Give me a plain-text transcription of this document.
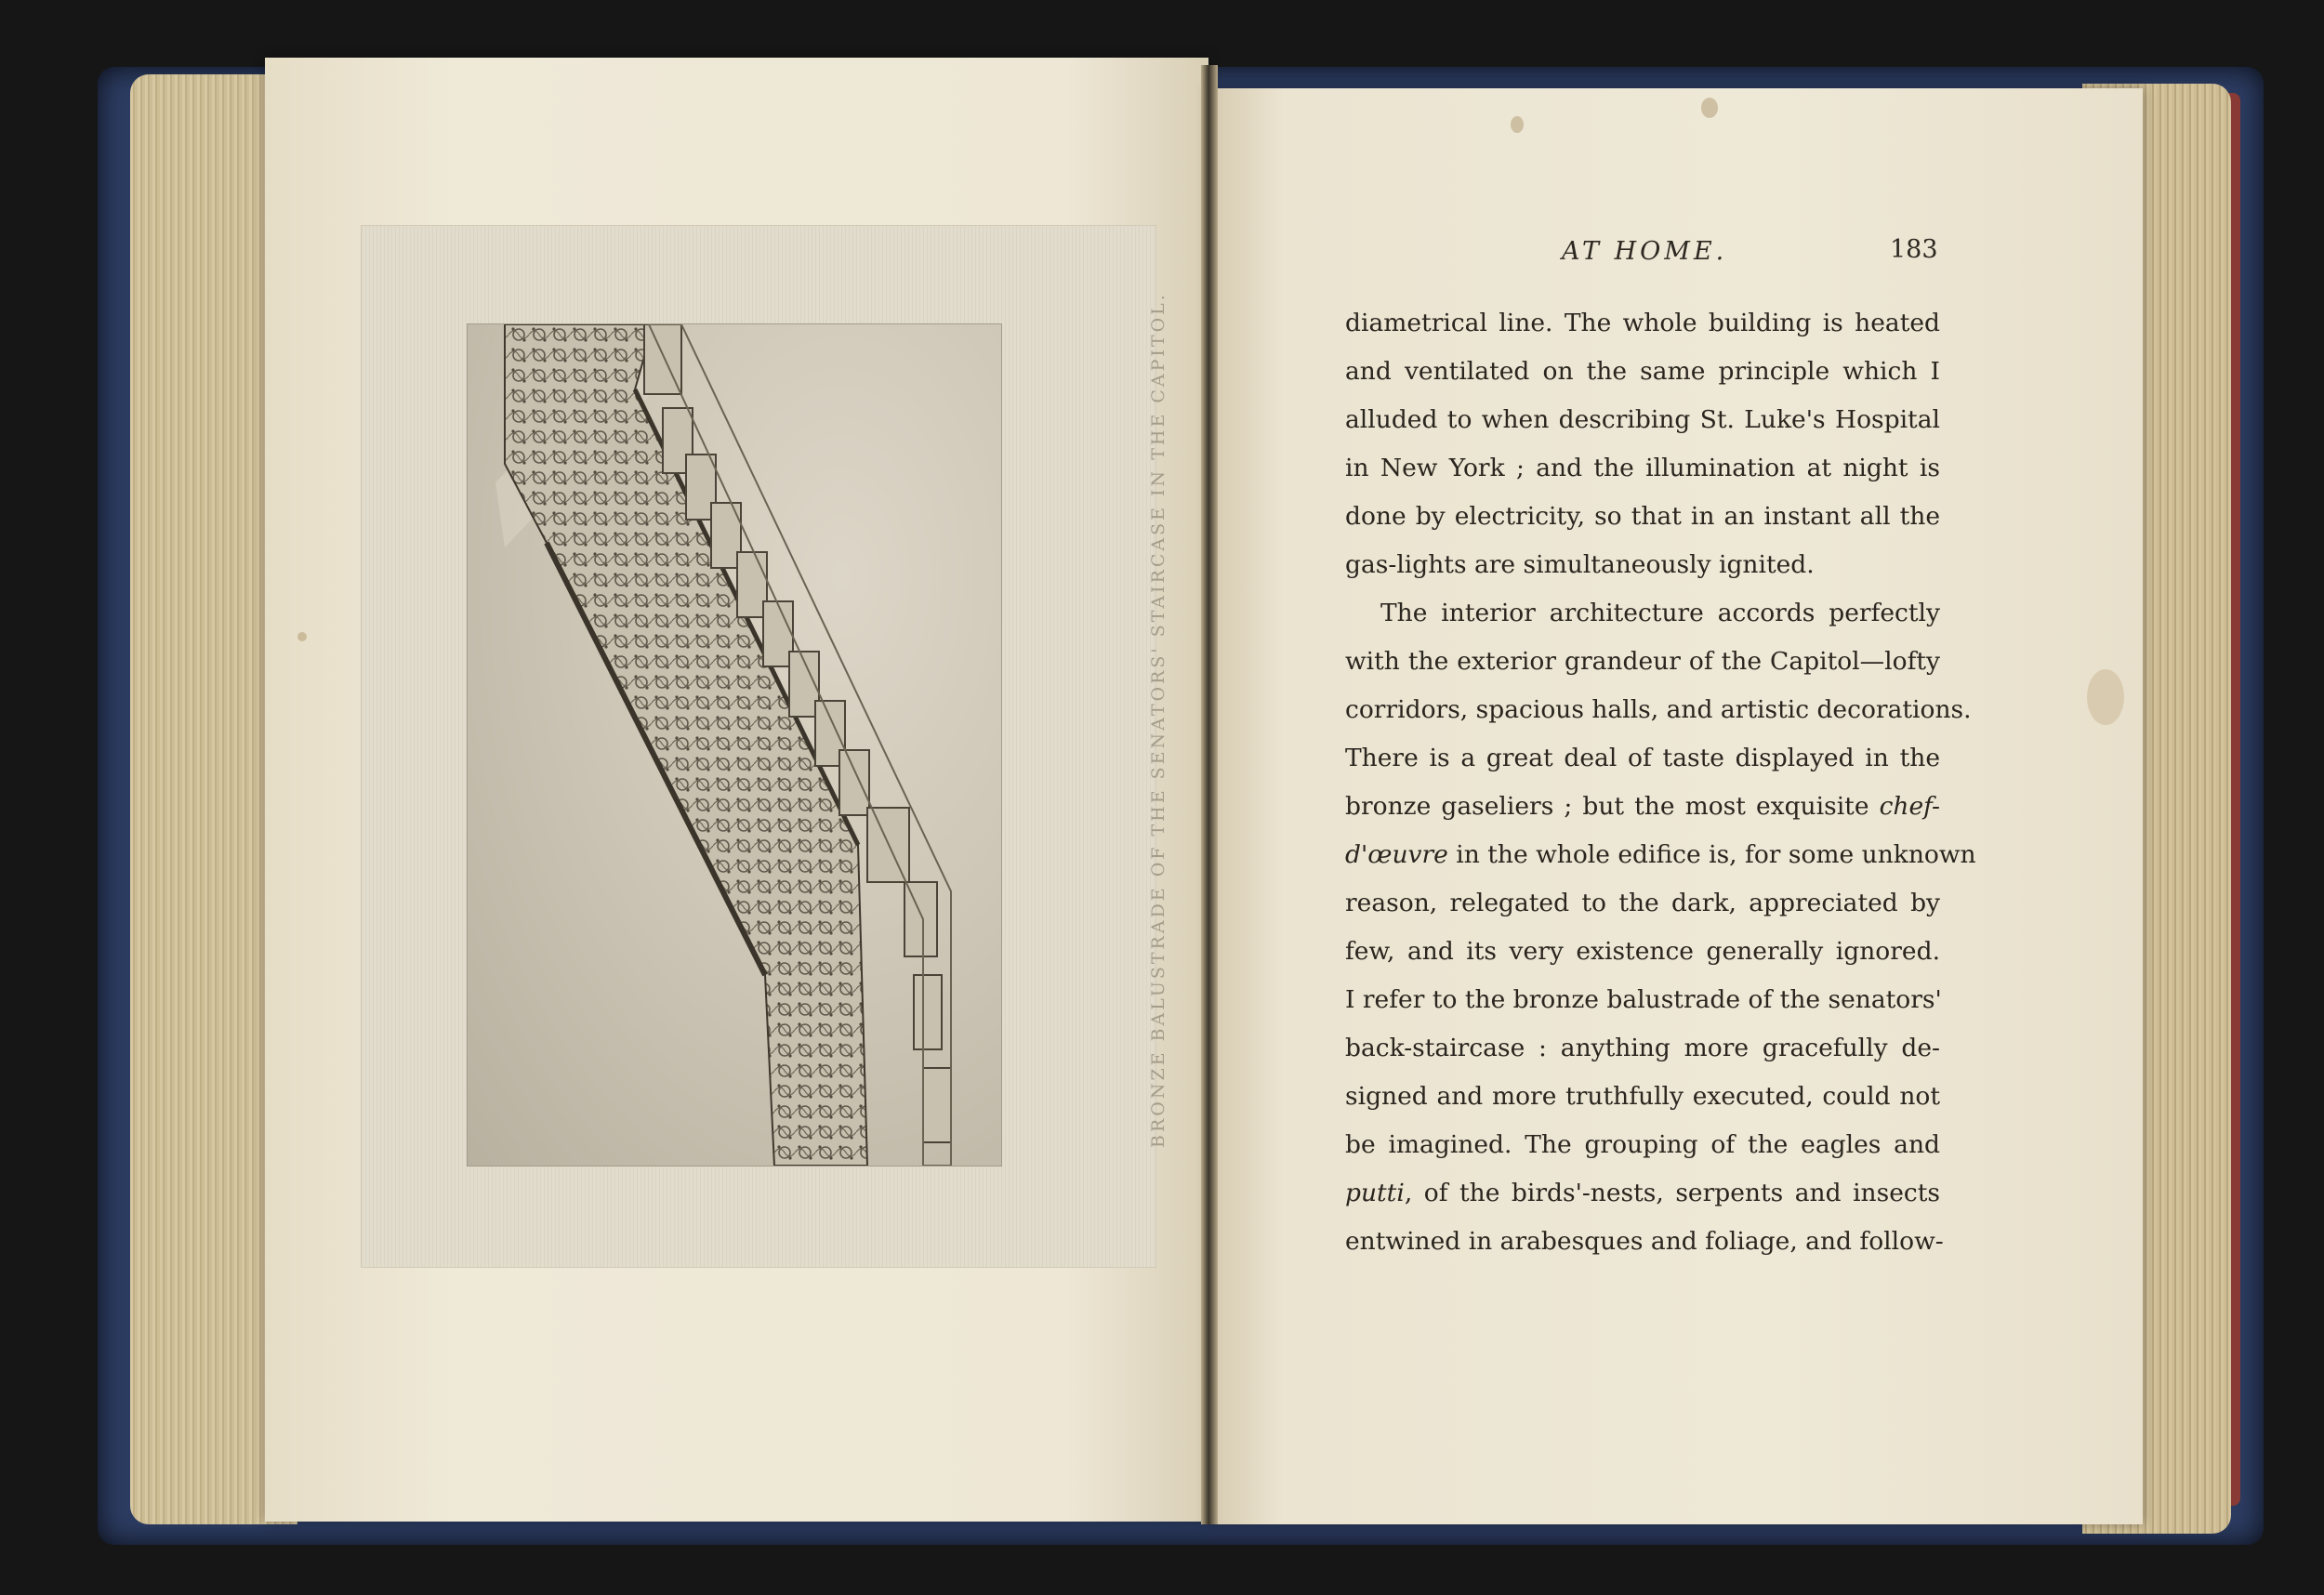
BRONZE BALUSTRADE OF THE SENATORS' STAIRCASE IN THE CAPITOL.
AT HOME.	183
diametrical line. The whole building is heated
and ventilated on the same principle which I
alluded to when describing St. Luke's Hospital
in New York ; and the illumination at night is
done by electricity, so that in an instant all the
gas-lights are simultaneously ignited.
The interior architecture accords perfectly
with the exterior grandeur of the Capitol—lofty
corridors, spacious halls, and artistic decorations.
There is a great deal of taste displayed in the
bronze gaseliers ; but the most exquisite chef-
d'œuvre in the whole edifice is, for some unknown
reason, relegated to the dark, appreciated by
few, and its very existence generally ignored.
I refer to the bronze balustrade of the senators'
back-staircase : anything more gracefully de-
signed and more truthfully executed, could not
be imagined. The grouping of the eagles and
putti, of the birds'-nests, serpents and insects
entwined in arabesques and foliage, and follow-
